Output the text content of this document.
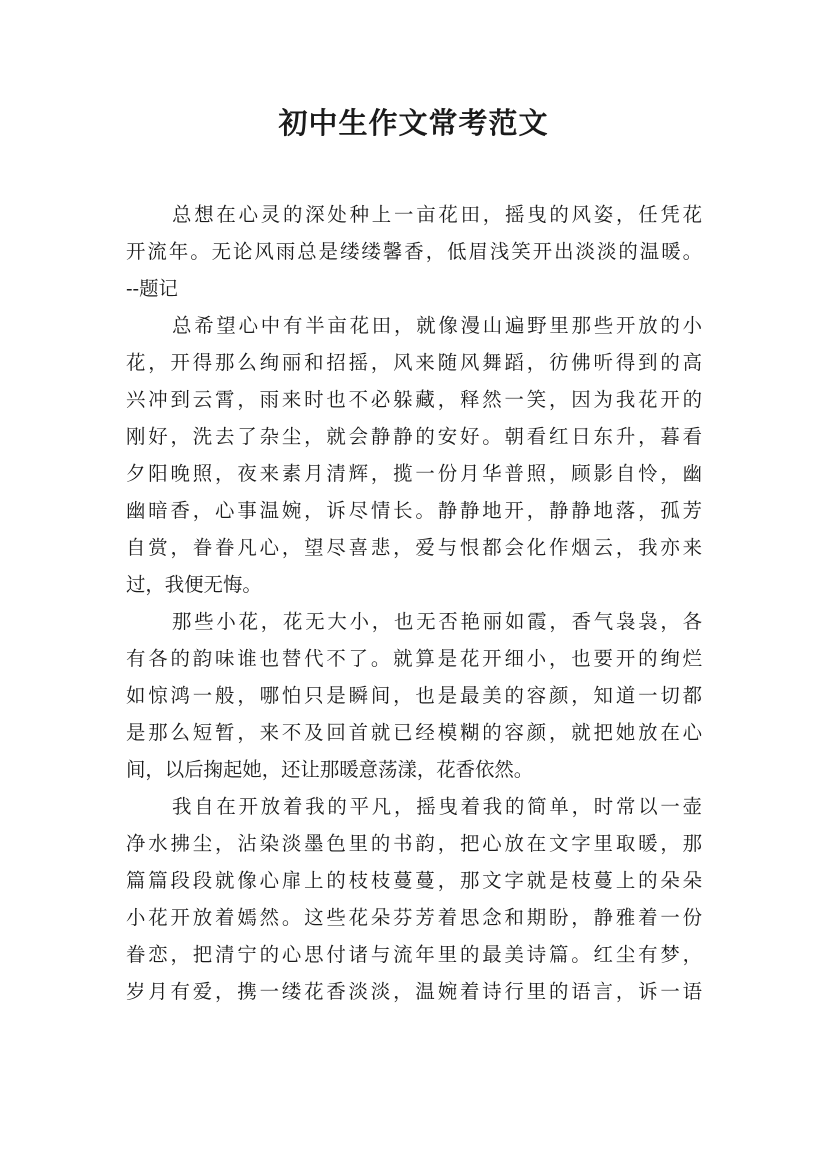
初中生作文常考范文
总想在心灵的深处种上一亩花田，摇曳的风姿，任凭花
开流年。无论风雨总是缕缕馨香，低眉浅笑开出淡淡的温暖。
--题记
总希望心中有半亩花田，就像漫山遍野里那些开放的小
花，开得那么绚丽和招摇，风来随风舞蹈，彷佛听得到的高
兴冲到云霄，雨来时也不必躲藏，释然一笑，因为我花开的
刚好，洗去了杂尘，就会静静的安好。朝看红日东升，暮看
夕阳晚照，夜来素月清辉，揽一份月华普照，顾影自怜，幽
幽暗香，心事温婉，诉尽情长。静静地开，静静地落，孤芳
自赏，眷眷凡心，望尽喜悲，爱与恨都会化作烟云，我亦来
过，我便无悔。
那些小花，花无大小，也无否艳丽如霞，香气袅袅，各
有各的韵味谁也替代不了。就算是花开细小，也要开的绚烂
如惊鸿一般，哪怕只是瞬间，也是最美的容颜，知道一切都
是那么短暂，来不及回首就已经模糊的容颜，就把她放在心
间，以后掬起她，还让那暖意荡漾，花香依然。
我自在开放着我的平凡，摇曳着我的简单，时常以一壶
净水拂尘，沾染淡墨色里的书韵，把心放在文字里取暖，那
篇篇段段就像心扉上的枝枝蔓蔓，那文字就是枝蔓上的朵朵
小花开放着嫣然。这些花朵芬芳着思念和期盼，静雅着一份
眷恋，把清宁的心思付诸与流年里的最美诗篇。红尘有梦，
岁月有爱，携一缕花香淡淡，温婉着诗行里的语言，诉一语
